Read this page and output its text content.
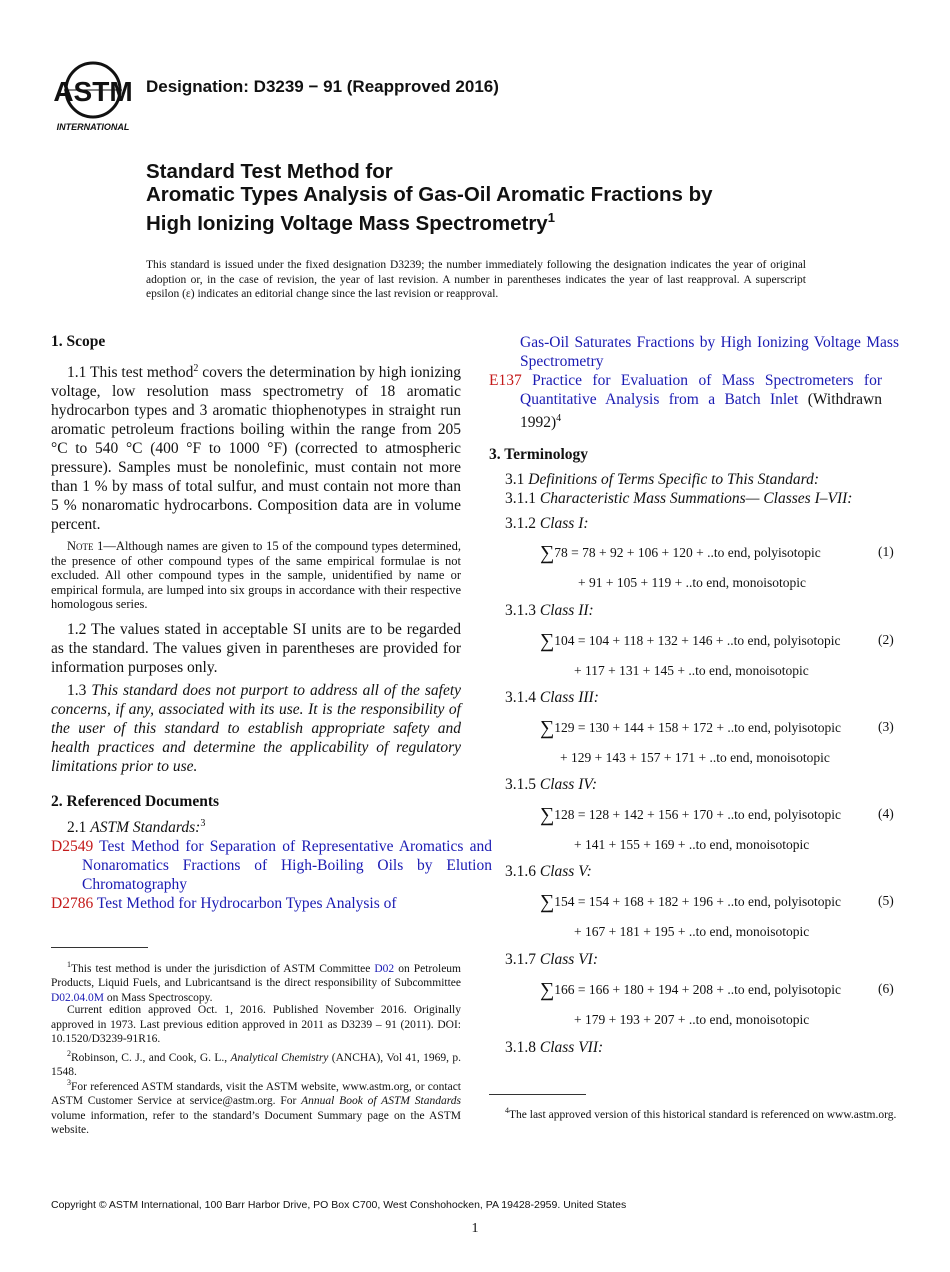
ASTM
INTERNATIONAL
Designation: D3239 − 91 (Reapproved 2016)
Standard Test Method for
Aromatic Types Analysis of Gas-Oil Aromatic Fractions by
High Ionizing Voltage Mass Spectrometry$^1$
This standard is issued under the fixed designation D3239; the number immediately following the designation indicates the year of original adoption or, in the case of revision, the year of last revision. A number in parentheses indicates the year of last reapproval. A superscript epsilon (ε) indicates an editorial change since the last revision or reapproval.
1. Scope
1.1 This test method$^2$ covers the determination by high ionizing voltage, low resolution mass spectrometry of 18 aromatic hydrocarbon types and 3 aromatic thiophenotypes in straight run aromatic petroleum fractions boiling within the range from 205 °C to 540 °C (400 °F to 1000 °F) (corrected to atmospheric pressure). Samples must be nonolefinic, must contain not more than 1 % by mass of total sulfur, and must contain not more than 5 % nonaromatic hydrocarbons. Composition data are in volume percent.
Note 1—Although names are given to 15 of the compound types determined, the presence of other compound types of the same empirical formulae is not excluded. All other compound types in the sample, unidentified by name or empirical formula, are lumped into six groups in accordance with their respective homologous series.
1.2 The values stated in acceptable SI units are to be regarded as the standard. The values given in parentheses are provided for information purposes only.
1.3 This standard does not purport to address all of the safety concerns, if any, associated with its use. It is the responsibility of the user of this standard to establish appropriate safety and health practices and determine the applicability of regulatory limitations prior to use.
2. Referenced Documents
2.1 ASTM Standards:$^3$
D2549 Test Method for Separation of Representative Aromatics and Nonaromatics Fractions of High-Boiling Oils by Elution Chromatography
D2786 Test Method for Hydrocarbon Types Analysis of
$^1$This test method is under the jurisdiction of ASTM Committee D02 on Petroleum Products, Liquid Fuels, and Lubricantsand is the direct responsibility of Subcommittee D02.04.0M on Mass Spectroscopy.
Current edition approved Oct. 1, 2016. Published November 2016. Originally approved in 1973. Last previous edition approved in 2011 as D3239 – 91 (2011). DOI: 10.1520/D3239-91R16.
$^2$Robinson, C. J., and Cook, G. L., Analytical Chemistry (ANCHA), Vol 41, 1969, p. 1548.
$^3$For referenced ASTM standards, visit the ASTM website, www.astm.org, or contact ASTM Customer Service at service@astm.org. For Annual Book of ASTM Standards volume information, refer to the standard’s Document Summary page on the ASTM website.
Gas-Oil Saturates Fractions by High Ionizing Voltage Mass Spectrometry
E137 Practice for Evaluation of Mass Spectrometers for Quantitative Analysis from a Batch Inlet (Withdrawn 1992)$^4$
3. Terminology
3.1 Definitions of Terms Specific to This Standard:
3.1.1 Characteristic Mass Summations— Classes I–VII:
3.1.2 Class I:
∑78 = 78 + 92 + 106 + 120 + ..to end, polyisotopic	(1)
+ 91 + 105 + 119 + ..to end, monoisotopic
3.1.3 Class II:
∑104 = 104 + 118 + 132 + 146 + ..to end, polyisotopic	(2)
+ 117 + 131 + 145 + ..to end, monoisotopic
3.1.4 Class III:
∑129 = 130 + 144 + 158 + 172 + ..to end, polyisotopic	(3)
+ 129 + 143 + 157 + 171 + ..to end, monoisotopic
3.1.5 Class IV:
∑128 = 128 + 142 + 156 + 170 + ..to end, polyisotopic	(4)
+ 141 + 155 + 169 + ..to end, monoisotopic
3.1.6 Class V:
∑154 = 154 + 168 + 182 + 196 + ..to end, polyisotopic	(5)
+ 167 + 181 + 195 + ..to end, monoisotopic
3.1.7 Class VI:
∑166 = 166 + 180 + 194 + 208 + ..to end, polyisotopic	(6)
+ 179 + 193 + 207 + ..to end, monoisotopic
3.1.8 Class VII:
$^4$The last approved version of this historical standard is referenced on www.astm.org.
Copyright © ASTM International, 100 Barr Harbor Drive, PO Box C700, West Conshohocken, PA 19428-2959. United States
1
